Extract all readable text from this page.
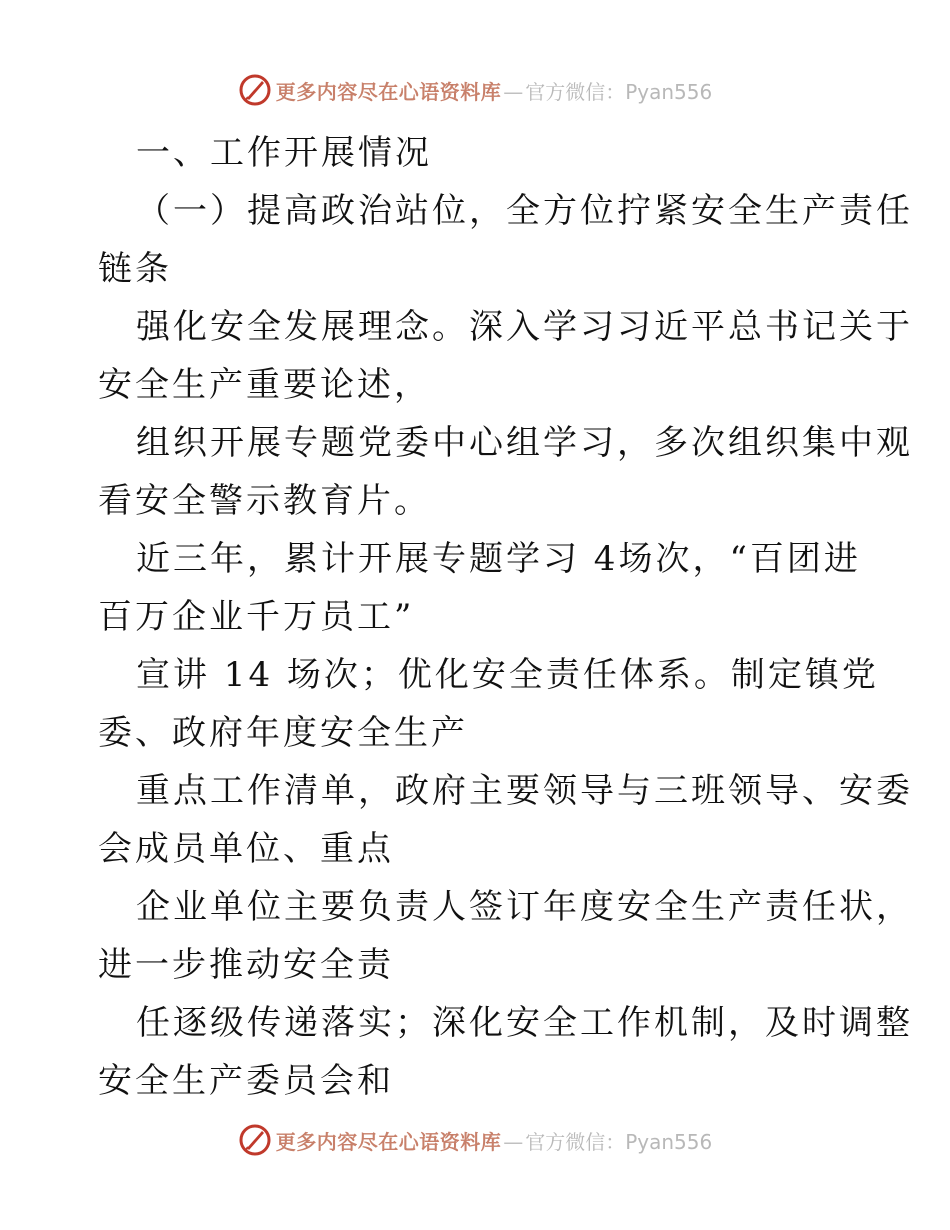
更多内容尽在心语资料库 — 官方微信：Pyan556
一、工作开展情况
（一）提高政治站位，全方位拧紧安全生产责任
链条
强化安全发展理念。深入学习习近平总书记关于
安全生产重要论述，
组织开展专题党委中心组学习，多次组织集中观
看安全警示教育片。
近三年，累计开展专题学习 4场次，“百团进
百万企业千万员工”
宣讲 14 场次；优化安全责任体系。制定镇党
委、政府年度安全生产
重点工作清单，政府主要领导与三班领导、安委
会成员单位、重点
企业单位主要负责人签订年度安全生产责任状，
进一步推动安全责
任逐级传递落实；深化安全工作机制，及时调整
安全生产委员会和
更多内容尽在心语资料库 — 官方微信：Pyan556
